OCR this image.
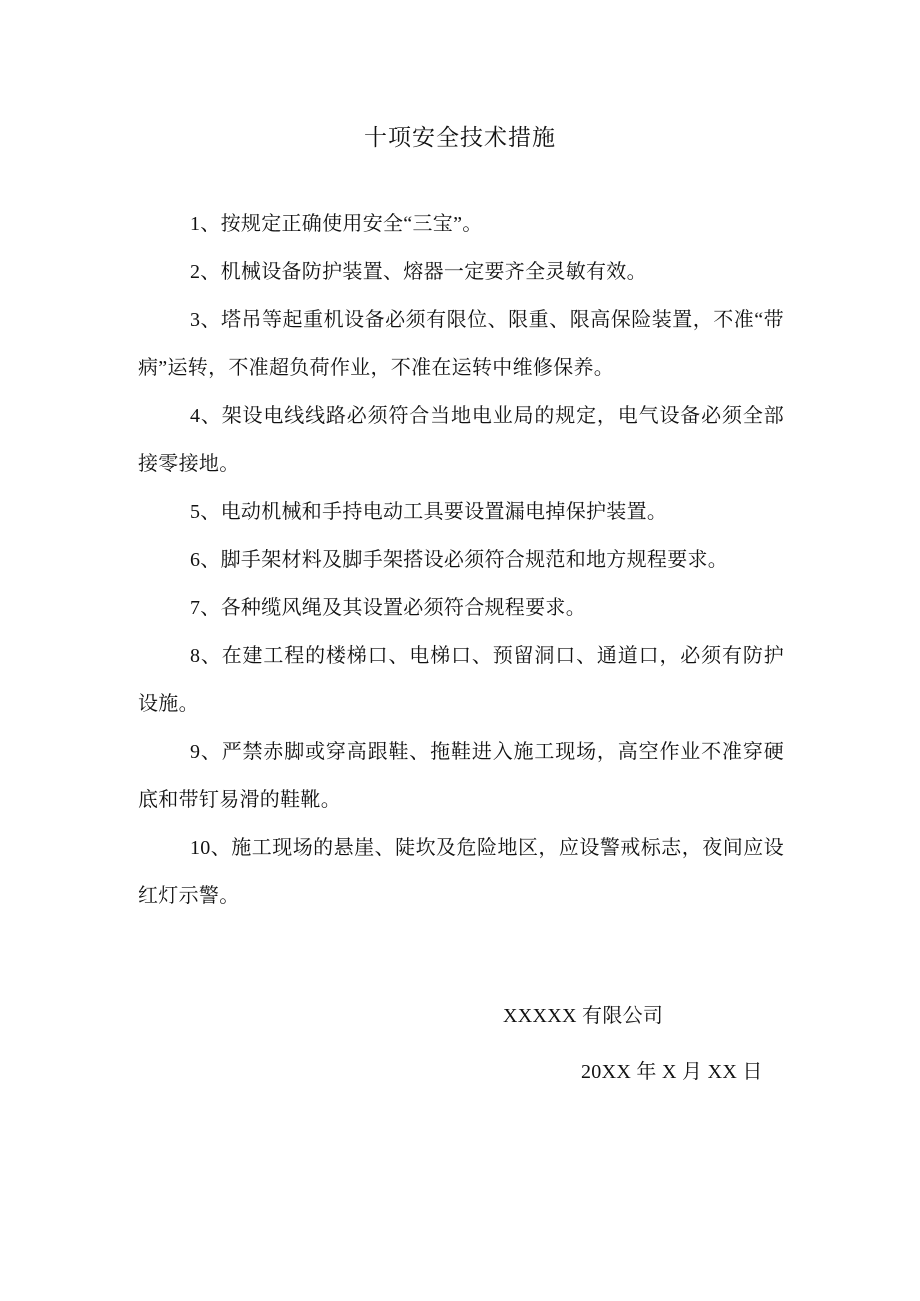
十项安全技术措施

1、按规定正确使用安全“三宝”。

2、机械设备防护装置、熔器一定要齐全灵敏有效。

3、塔吊等起重机设备必须有限位、限重、限高保险装置，不准“带病”运转，不准超负荷作业，不准在运转中维修保养。

4、架设电线线路必须符合当地电业局的规定，电气设备必须全部接零接地。

5、电动机械和手持电动工具要设置漏电掉保护装置。

6、脚手架材料及脚手架搭设必须符合规范和地方规程要求。

7、各种缆风绳及其设置必须符合规程要求。

8、在建工程的楼梯口、电梯口、预留洞口、通道口，必须有防护设施。

9、严禁赤脚或穿高跟鞋、拖鞋进入施工现场，高空作业不准穿硬底和带钉易滑的鞋靴。

10、施工现场的悬崖、陡坎及危险地区，应设警戒标志，夜间应设红灯示警。

XXXXX 有限公司
20XX 年 X 月 XX 日
